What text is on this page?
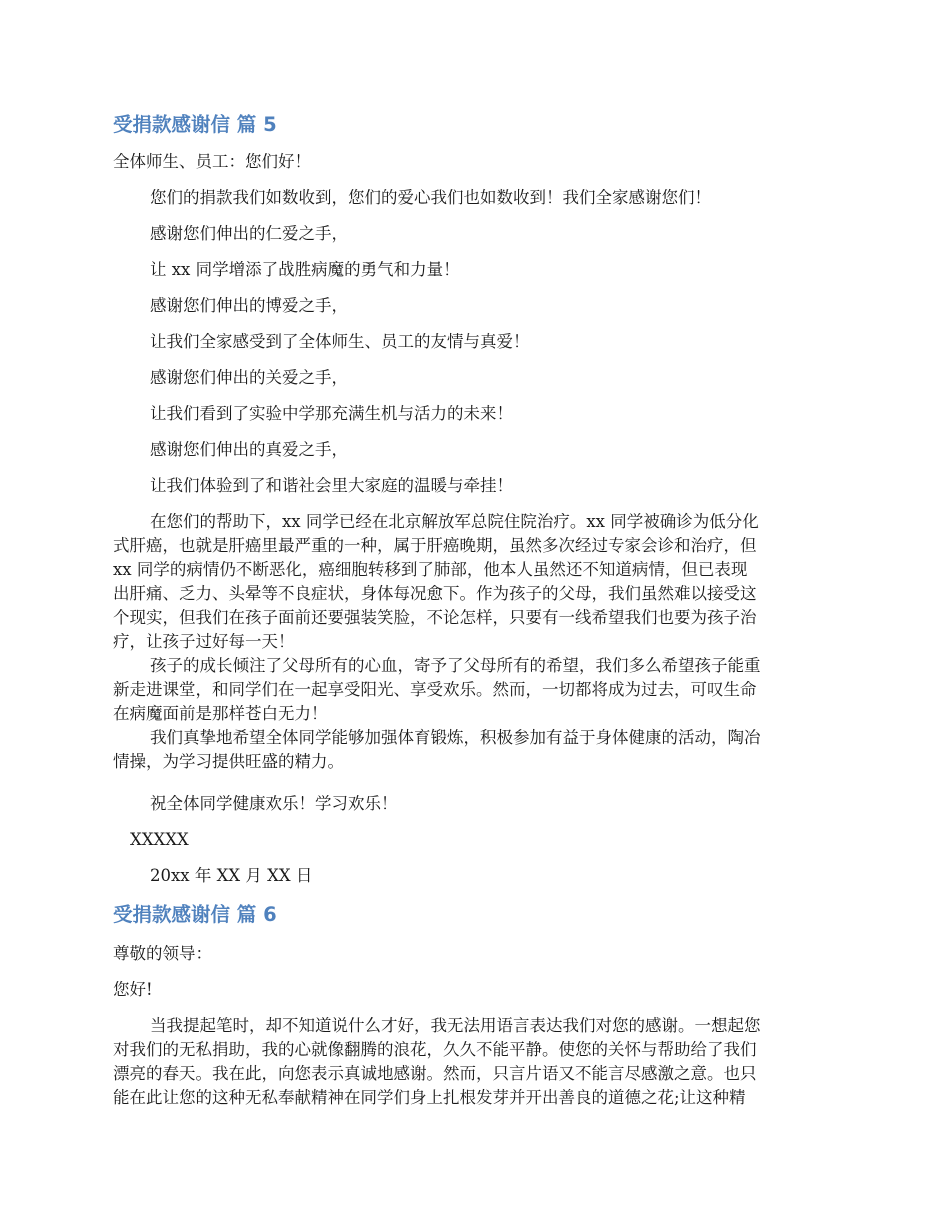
受捐款感谢信 篇 5

全体师生、员工：您们好！

您们的捐款我们如数收到，您们的爱心我们也如数收到！我们全家感谢您们！

感谢您们伸出的仁爱之手，

让 xx 同学增添了战胜病魔的勇气和力量！

感谢您们伸出的博爱之手，

让我们全家感受到了全体师生、员工的友情与真爱！

感谢您们伸出的关爱之手，

让我们看到了实验中学那充满生机与活力的未来！

感谢您们伸出的真爱之手，

让我们体验到了和谐社会里大家庭的温暖与牵挂！

在您们的帮助下，xx 同学已经在北京解放军总院住院治疗。xx 同学被确诊为低分化
式肝癌，也就是肝癌里最严重的一种，属于肝癌晚期，虽然多次经过专家会诊和治疗，但
xx 同学的病情仍不断恶化，癌细胞转移到了肺部，他本人虽然还不知道病情，但已表现
出肝痛、乏力、头晕等不良症状，身体每况愈下。作为孩子的父母，我们虽然难以接受这
个现实，但我们在孩子面前还要强装笑脸，不论怎样，只要有一线希望我们也要为孩子治
疗，让孩子过好每一天！
孩子的成长倾注了父母所有的心血，寄予了父母所有的希望，我们多么希望孩子能重
新走进课堂，和同学们在一起享受阳光、享受欢乐。然而，一切都将成为过去，可叹生命
在病魔面前是那样苍白无力！
我们真挚地希望全体同学能够加强体育锻炼，积极参加有益于身体健康的活动，陶冶
情操，为学习提供旺盛的精力。

祝全体同学健康欢乐！学习欢乐！

XXXXX

20xx 年 XX 月 XX 日

受捐款感谢信 篇 6

尊敬的领导：

您好!

当我提起笔时，却不知道说什么才好，我无法用语言表达我们对您的感谢。一想起您
对我们的无私捐助，我的心就像翻腾的浪花，久久不能平静。使您的关怀与帮助给了我们
漂亮的春天。我在此，向您表示真诚地感谢。然而，只言片语又不能言尽感激之意。也只
能在此让您的这种无私奉献精神在同学们身上扎根发芽并开出善良的道德之花;让这种精
